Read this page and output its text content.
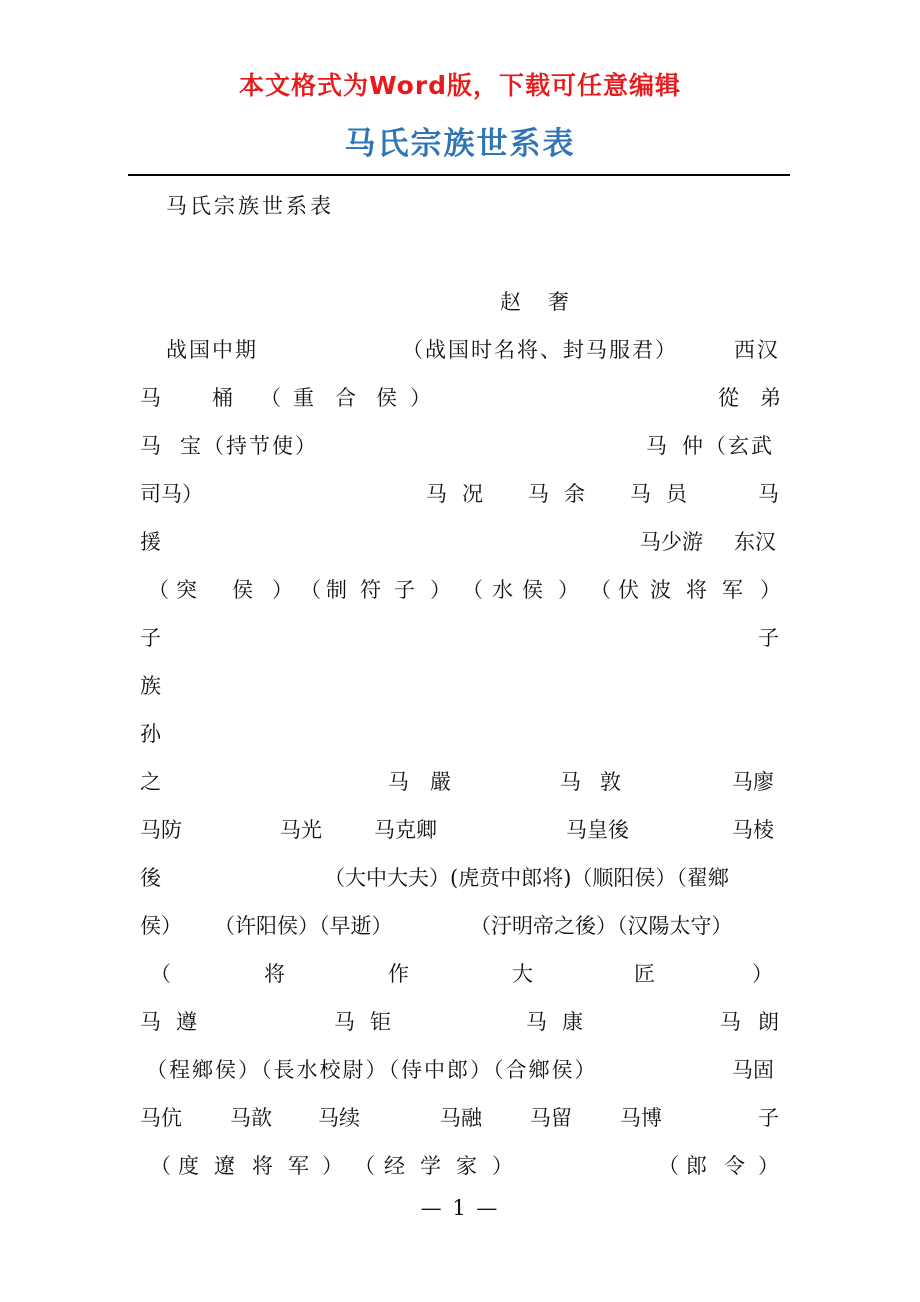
本文格式为Word版，下载可任意编辑
马氏宗族世系表
马氏宗族世系表
赵 奢
战国中期	（战国时名将、封马服君）	西汉
马 桶 （ 重 合 侯 ）	從 弟
马 宝（持节使）	马 仲（玄武
司马）	马 况 马 余 马 员	马
援	马少游 东汉
（ 突 侯 ） （ 制 符 子 ） （ 水 侯 ） （ 伏 波 将 军 ）
子	子
族
孙
之	马 嚴	马 敦	马廖
马防	马光 马克卿	马皇後	马棱
後	（大中大夫）(虎贲中郎将)（顺阳侯）（翟鄉
侯） （许阳侯）（早逝）	（汙明帝之後）（汉陽太守）
（	将	作	大	匠	）
马 遵	马 钜	马 康	马 朗
（程鄉侯）（長水校尉）（侍中郎）（合鄉侯）	马固
马伉 马歆 马续	马融 马留 马博	子
（ 度 遼 将 军 ） （ 经 学 家 ）	（ 郎 令 ）
— 1 —
